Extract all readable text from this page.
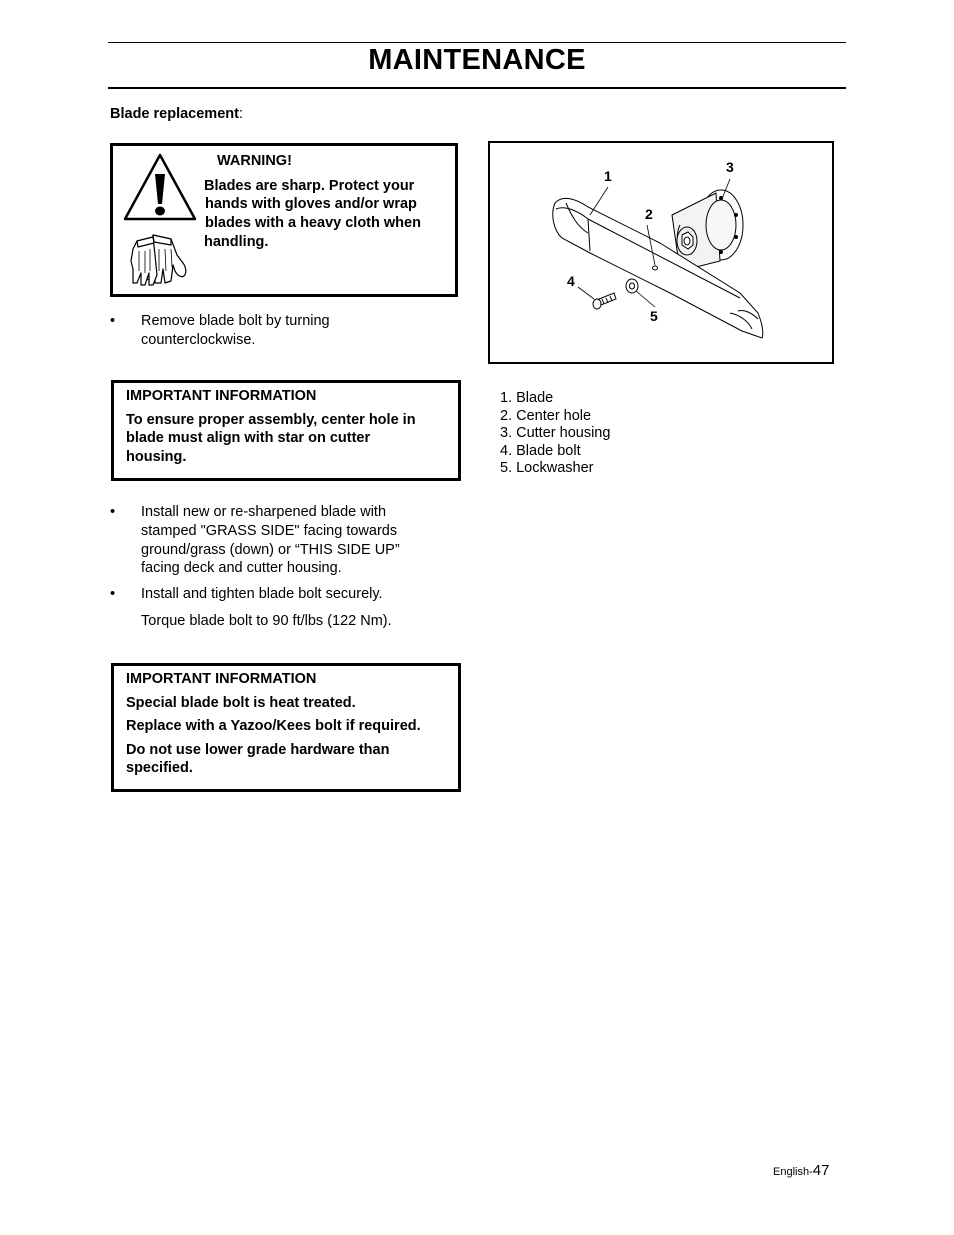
MAINTENANCE
Blade replacement:
WARNING!
Blades are sharp. Protect your
hands with gloves and/or wrap
blades with a heavy cloth when
handling.
• Remove blade bolt by turning
counterclockwise.
IMPORTANT INFORMATION
To ensure proper assembly, center hole in
blade must align with star on cutter
housing.
• Install new or re-sharpened blade with
stamped "GRASS SIDE" facing towards
ground/grass (down) or “THIS SIDE UP”
facing deck and cutter housing.
• Install and tighten blade bolt securely.
Torque blade bolt to 90 ft/lbs (122 Nm).
IMPORTANT INFORMATION
Special blade bolt is heat treated.
Replace with a Yazoo/Kees bolt if required.
Do not use lower grade hardware than
specified.
1
2
3
4
5
1. Blade
2. Center hole
3. Cutter housing
4. Blade bolt
5. Lockwasher
English-47
